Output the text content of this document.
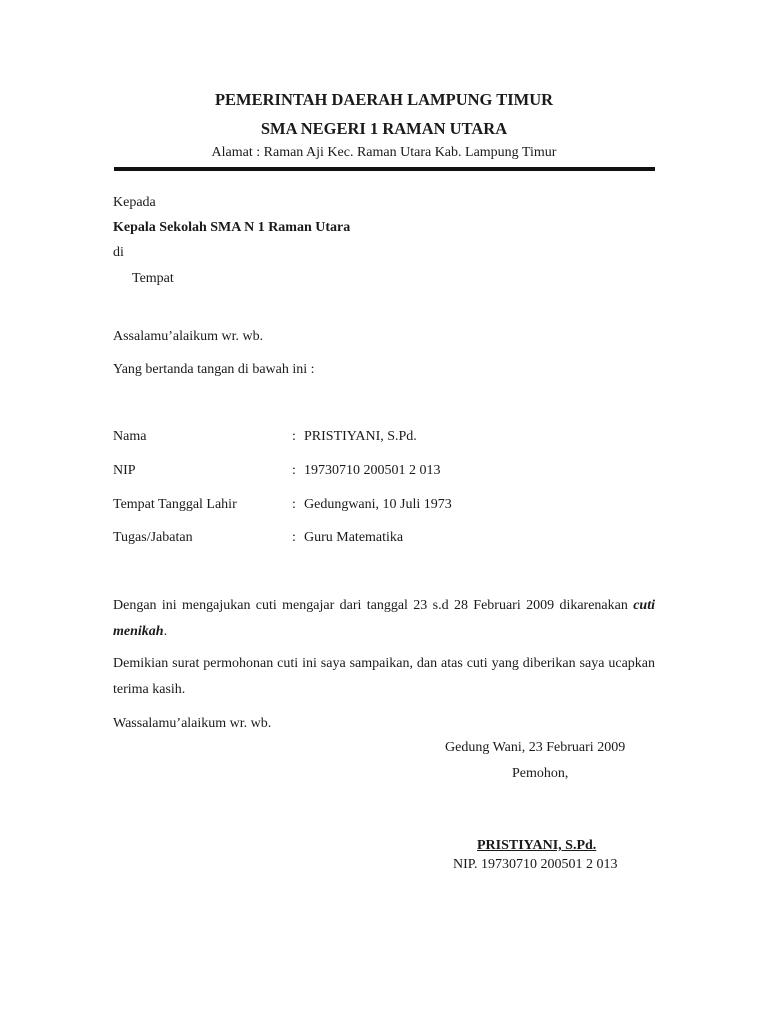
PEMERINTAH DAERAH LAMPUNG TIMUR
SMA NEGERI 1 RAMAN UTARA
Alamat : Raman Aji Kec. Raman Utara Kab. Lampung Timur
Kepada
Kepala Sekolah SMA N 1 Raman Utara
di
Tempat
Assalamu’alaikum wr. wb.
Yang bertanda tangan di bawah ini :
Nama	: PRISTIYANI, S.Pd.
NIP	: 19730710 200501 2 013
Tempat Tanggal Lahir	: Gedungwani, 10 Juli 1973
Tugas/Jabatan	: Guru Matematika
Dengan ini mengajukan cuti mengajar dari tanggal 23 s.d 28 Februari 2009 dikarenakan cuti menikah.
Demikian surat permohonan cuti ini saya sampaikan, dan atas cuti yang diberikan saya ucapkan terima kasih.
Wassalamu’alaikum wr. wb.
Gedung Wani, 23 Februari 2009
Pemohon,
PRISTIYANI, S.Pd.
NIP. 19730710 200501 2 013
